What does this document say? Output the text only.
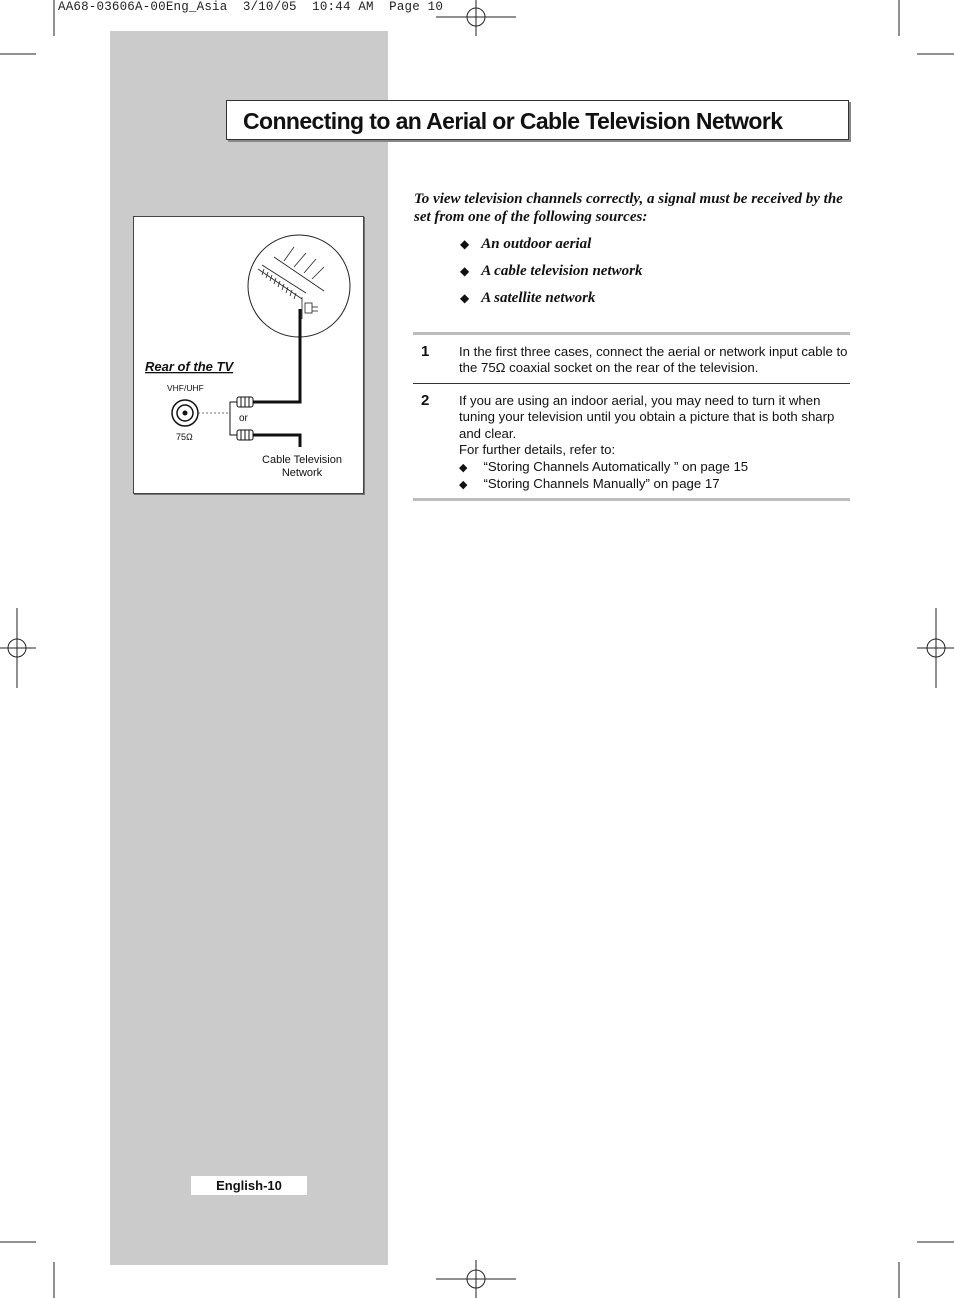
AA68-03606A-00Eng_Asia  3/10/05  10:44 AM  Page 10
Connecting to an Aerial or Cable Television Network
Rear of the TV
VHF/UHF
75Ω
or
Cable Television
Network
To view television channels correctly, a signal must be received by the set from one of the following sources:
◆ An outdoor aerial
◆ A cable television network
◆ A satellite network
1 In the first three cases, connect the aerial or network input cable to the 75Ω coaxial socket on the rear of the television.
2 If you are using an indoor aerial, you may need to turn it when tuning your television until you obtain a picture that is both sharp and clear.
For further details, refer to:
◆ “Storing Channels Automatically ” on page 15
◆ “Storing Channels Manually” on page 17
English-10
